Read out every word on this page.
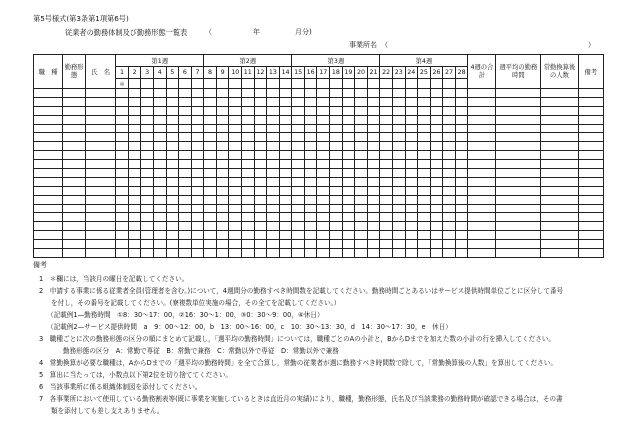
第5号様式(第3条第1項第6号)
従業者の勤務体制及び勤務形態一覧表	（	年	月分)
事業所名 （	）
職　種	勤務形態	氏　名	第1週							第2週							第3週							第4週							4週の合計	週平均の勤務時間	常勤換算後の人数	備考
			1	2	3	4	5	6	7	8	9	10	11	12	13	14	15	16	17	18	19	20	21	22	23	24	25	26	27	28				
			＊																															

備考
1　＊欄には，当該月の曜日を記載してください。
2　申請する事業に係る従業者全員(管理者を含む。)について，4週間分の勤務すべき時間数を記載してください。勤務時間ごとあるいはサービス提供時間単位ごとに区分して番号
を付し，その番号を記載してください。(寮複数単位実施の場合，その全てを記載してください。）
（記載例1—勤務時間　①8：30～17：00，②16：30～1：00，③0：30～9：00，④休日）
（記載例2—サービス提供時間　a　9：00～12：00，b　13：00～16：00，c　10：30～13：30，d　14：30～17：30，e　休日）
3　職種ごとに次の勤務形態の区分の順にまとめて記載し，「週平均の勤務時間」については，職種ごとのAの小計と，BからDまでを加えた数の小計の行を挿入してください。
勤務形態の区分　A：常勤で専従　B：常勤で兼務　C：常勤以外で専従　D：常勤以外で兼務
4　常勤換算が必要な職種は，AからDまでの「週平均の勤務時間」を全て合算し，常勤の従業者が週に勤務すべき時間数で除して，「常勤換算後の人数」を算出してください。
5　算出に当たっては，小数点以下第2位を切り捨ててください。
6　当該事業所に係る組織体制図を添付してください。
7　各事業所において使用している勤務割表等(既に事業を実施しているときは直近月の実績)により，職種，勤務形態，氏名及び当該業務の勤務時間が確認できる場合は，その書
類を添付しても差し支えありません。
